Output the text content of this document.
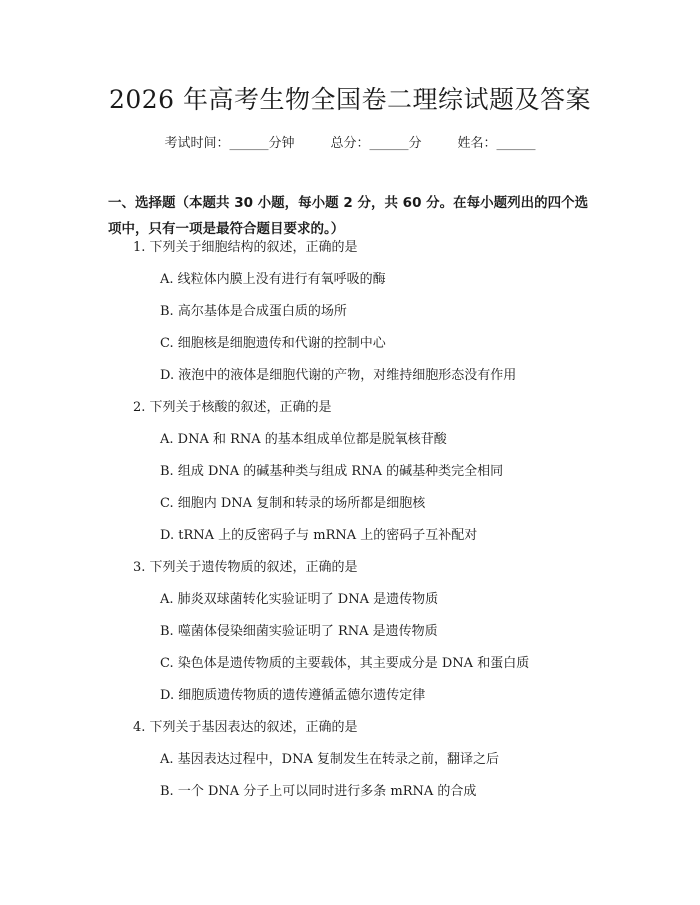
2026 年高考生物全国卷二理综试题及答案
考试时间：______分钟	总分：______分	姓名：______
一、选择题（本题共 30 小题，每小题 2 分，共 60 分。在每小题列出的四个选项中，只有一项是最符合题目要求的。）
1. 下列关于细胞结构的叙述，正确的是
A. 线粒体内膜上没有进行有氧呼吸的酶
B. 高尔基体是合成蛋白质的场所
C. 细胞核是细胞遗传和代谢的控制中心
D. 液泡中的液体是细胞代谢的产物，对维持细胞形态没有作用
2. 下列关于核酸的叙述，正确的是
A. DNA 和 RNA 的基本组成单位都是脱氧核苷酸
B. 组成 DNA 的碱基种类与组成 RNA 的碱基种类完全相同
C. 细胞内 DNA 复制和转录的场所都是细胞核
D. tRNA 上的反密码子与 mRNA 上的密码子互补配对
3. 下列关于遗传物质的叙述，正确的是
A. 肺炎双球菌转化实验证明了 DNA 是遗传物质
B. 噬菌体侵染细菌实验证明了 RNA 是遗传物质
C. 染色体是遗传物质的主要载体，其主要成分是 DNA 和蛋白质
D. 细胞质遗传物质的遗传遵循孟德尔遗传定律
4. 下列关于基因表达的叙述，正确的是
A. 基因表达过程中，DNA 复制发生在转录之前，翻译之后
B. 一个 DNA 分子上可以同时进行多条 mRNA 的合成
